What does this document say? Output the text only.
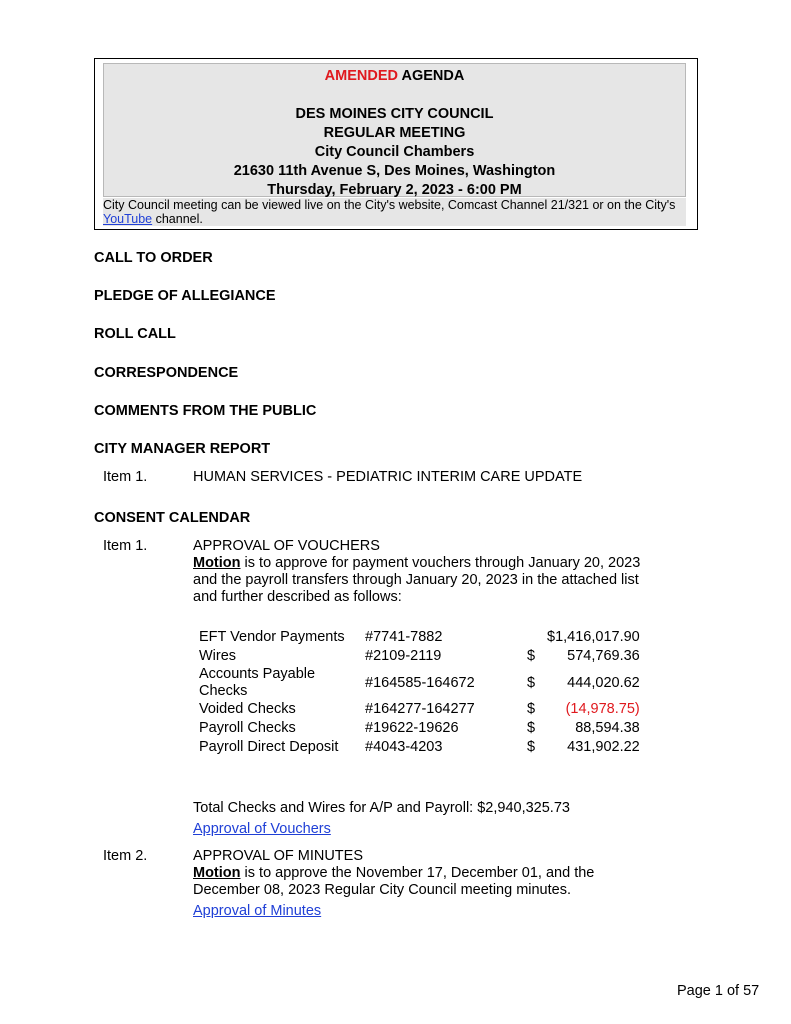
AMENDED AGENDA
DES MOINES CITY COUNCIL
REGULAR MEETING
City Council Chambers
21630 11th Avenue S, Des Moines, Washington
Thursday, February 2, 2023 - 6:00 PM
City Council meeting can be viewed live on the City's website, Comcast Channel 21/321 or on the City's YouTube channel.
CALL TO ORDER
PLEDGE OF ALLEGIANCE
ROLL CALL
CORRESPONDENCE
COMMENTS FROM THE PUBLIC
CITY MANAGER REPORT
Item 1.	HUMAN SERVICES - PEDIATRIC INTERIM CARE UPDATE
CONSENT CALENDAR
Item 1.	APPROVAL OF VOUCHERS
Motion is to approve for payment vouchers through January 20, 2023
and the payroll transfers through January 20, 2023 in the attached list
and further described as follows:
EFT Vendor Payments	#7741-7882		$1,416,017.90
Wires	#2109-2119	$	574,769.36
Accounts Payable Checks	#164585-164672	$	444,020.62
Voided Checks	#164277-164277	$	(14,978.75)
Payroll Checks	#19622-19626	$	88,594.38
Payroll Direct Deposit	#4043-4203	$	431,902.22
Total Checks and Wires for A/P and Payroll: $2,940,325.73
Approval of Vouchers
Item 2.	APPROVAL OF MINUTES
Motion is to approve the November 17, December 01, and the
December 08, 2023 Regular City Council meeting minutes.
Approval of Minutes
Page 1 of 57
